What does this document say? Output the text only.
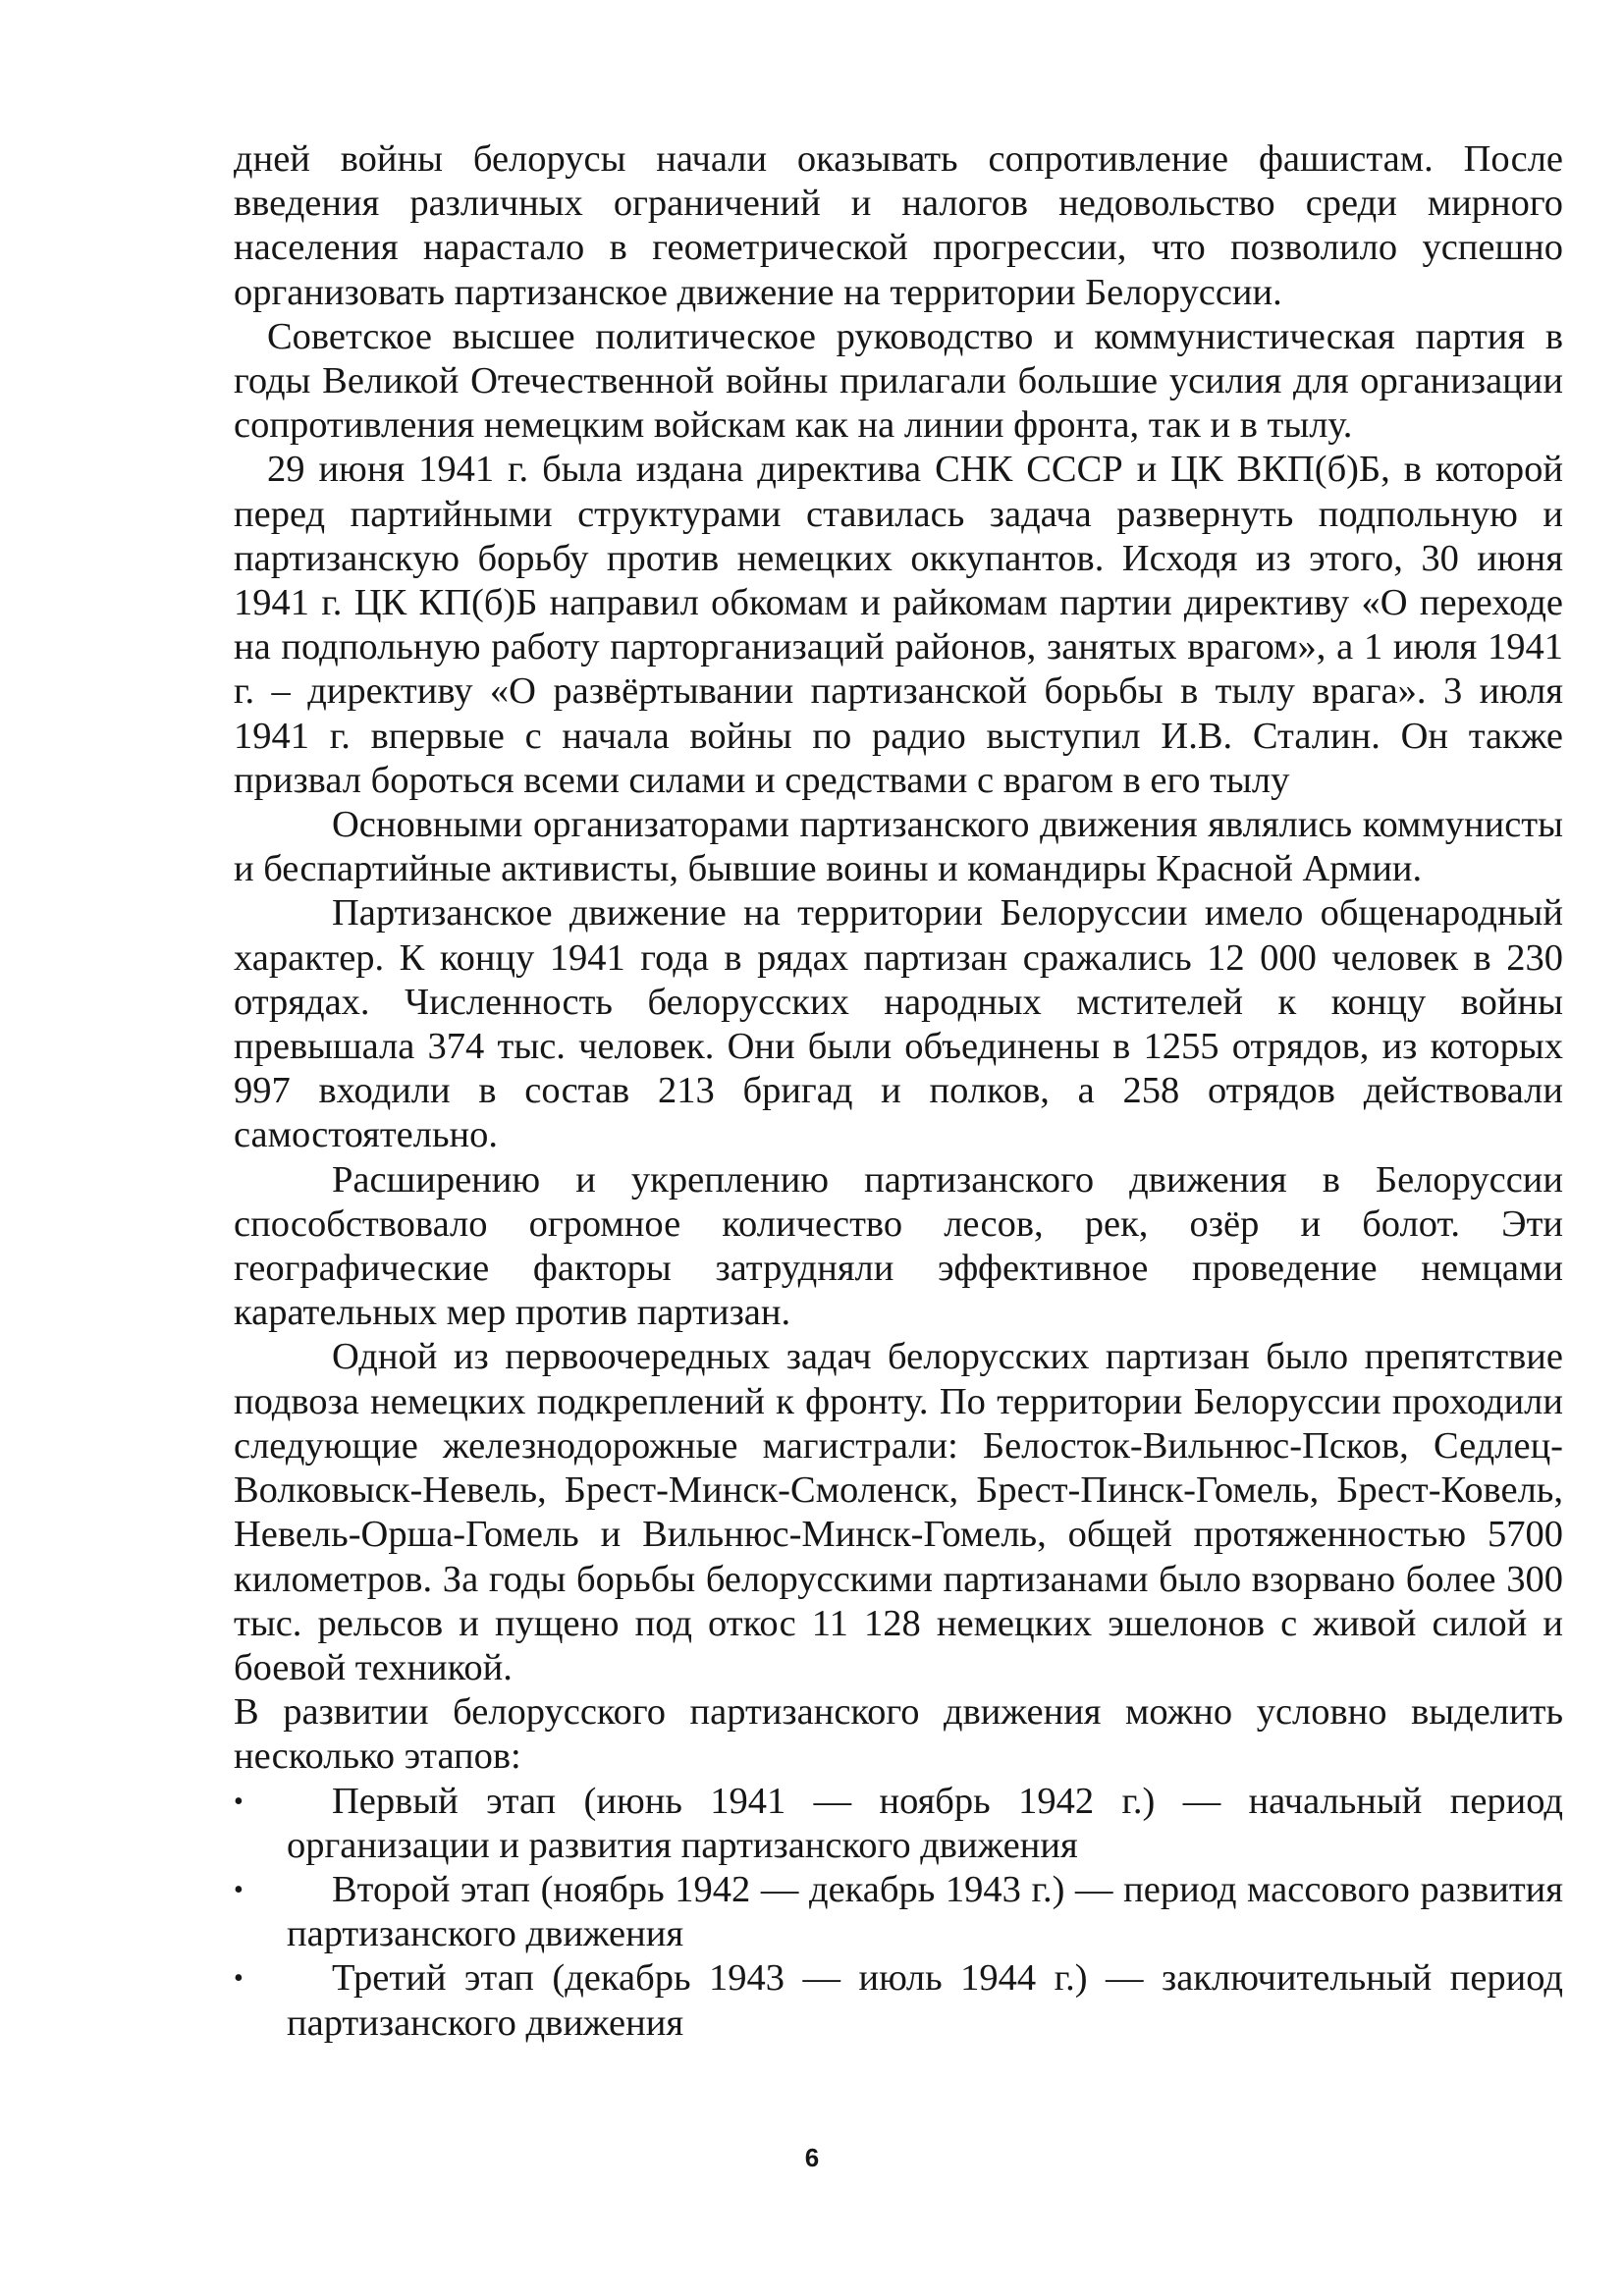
дней войны белорусы начали оказывать сопротивление фашистам. После введения различных ограничений и налогов недовольство среди мирного населения нарастало в геометрической прогрессии, что позволило успешно организовать партизанское движение на территории Белоруссии.

Советское высшее политическое руководство и коммунистическая партия в годы Великой Отечественной войны прилагали большие усилия для организации сопротивления немецким войскам как на линии фронта, так и в тылу.

29 июня 1941 г. была издана директива СНК СССР и ЦК ВКП(б)Б, в которой перед партийными структурами ставилась задача развернуть подпольную и партизанскую борьбу против немецких оккупантов. Исходя из этого, 30 июня 1941 г. ЦК КП(б)Б направил обкомам и райкомам партии директиву «О переходе на подпольную работу парторганизаций районов, занятых врагом», а 1 июля 1941 г. – директиву «О развёртывании партизанской борьбы в тылу врага». 3 июля 1941 г. впервые с начала войны по радио выступил И.В. Сталин. Он также призвал бороться всеми силами и средствами с врагом в его тылу

Основными организаторами партизанского движения являлись коммунисты и беспартийные активисты, бывшие воины и командиры Красной Армии.

Партизанское движение на территории Белоруссии имело общенародный характер. К концу 1941 года в рядах партизан сражались 12 000 человек в 230 отрядах. Численность белорусских народных мстителей к концу войны превышала 374 тыс. человек. Они были объединены в 1255 отрядов, из которых 997 входили в состав 213 бригад и полков, а 258 отрядов действовали самостоятельно.

Расширению и укреплению партизанского движения в Белоруссии способствовало огромное количество лесов, рек, озёр и болот. Эти географические факторы затрудняли эффективное проведение немцами карательных мер против партизан.

Одной из первоочередных задач белорусских партизан было препятствие подвоза немецких подкреплений к фронту. По территории Белоруссии проходили следующие железнодорожные магистрали: Белосток-Вильнюс-Псков, Седлец-Волковыск-Невель, Брест-Минск-Смоленск, Брест-Пинск-Гомель, Брест-Ковель, Невель-Орша-Гомель и Вильнюс-Минск-Гомель, общей протяженностью 5700 километров. За годы борьбы белорусскими партизанами было взорвано более 300 тыс. рельсов и пущено под откос 11 128 немецких эшелонов с живой силой и боевой техникой.

В развитии белорусского партизанского движения можно условно выделить несколько этапов:

•	Первый этап (июнь 1941 — ноябрь 1942 г.) — начальный период организации и развития партизанского движения
•	Второй этап (ноябрь 1942 — декабрь 1943 г.) — период массового развития партизанского движения
•	Третий этап (декабрь 1943 — июль 1944 г.) — заключительный период партизанского движения
6
